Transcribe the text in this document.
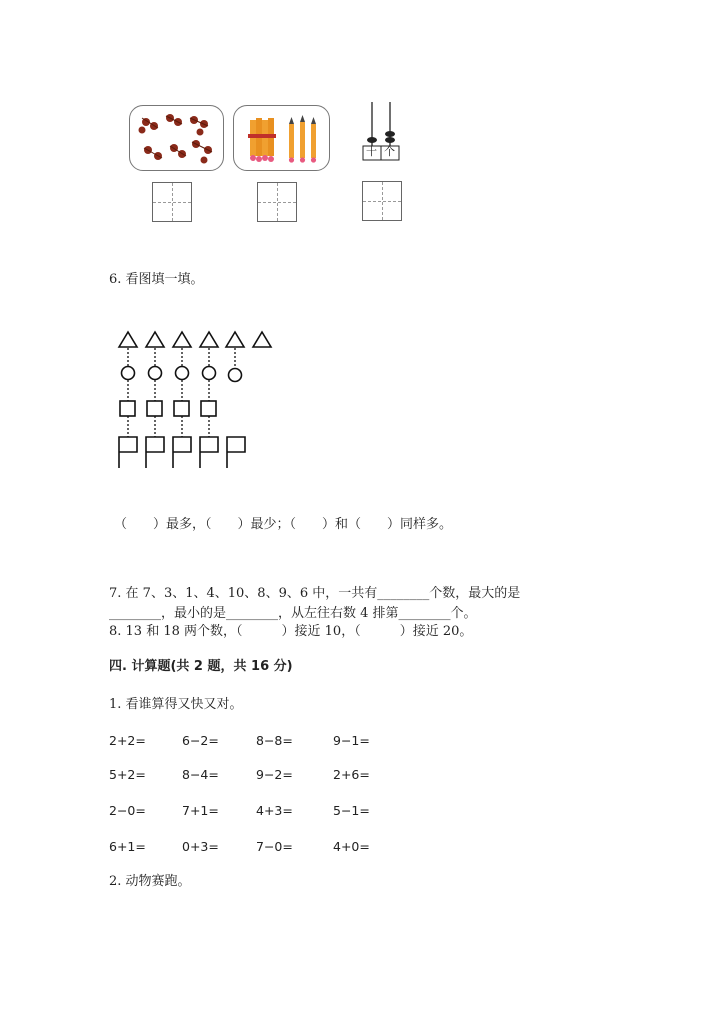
十 个
6. 看图填一填。
（　　）最多，（　　）最少；（　　）和（　　）同样多。
7. 在 7、3、1、4、10、8、9、6 中，一共有________个数，最大的是
________，最小的是________，从左往右数 4 排第________个。
8. 13 和 18 两个数，（　　　）接近 10，（　　　）接近 20。
四. 计算题(共 2 题，共 16 分)
1. 看谁算得又快又对。
2+2=	6−2=	8−8=	9−1=
5+2=	8−4=	9−2=	2+6=
2−0=	7+1=	4+3=	5−1=
6+1=	0+3=	7−0=	4+0=
2. 动物赛跑。
